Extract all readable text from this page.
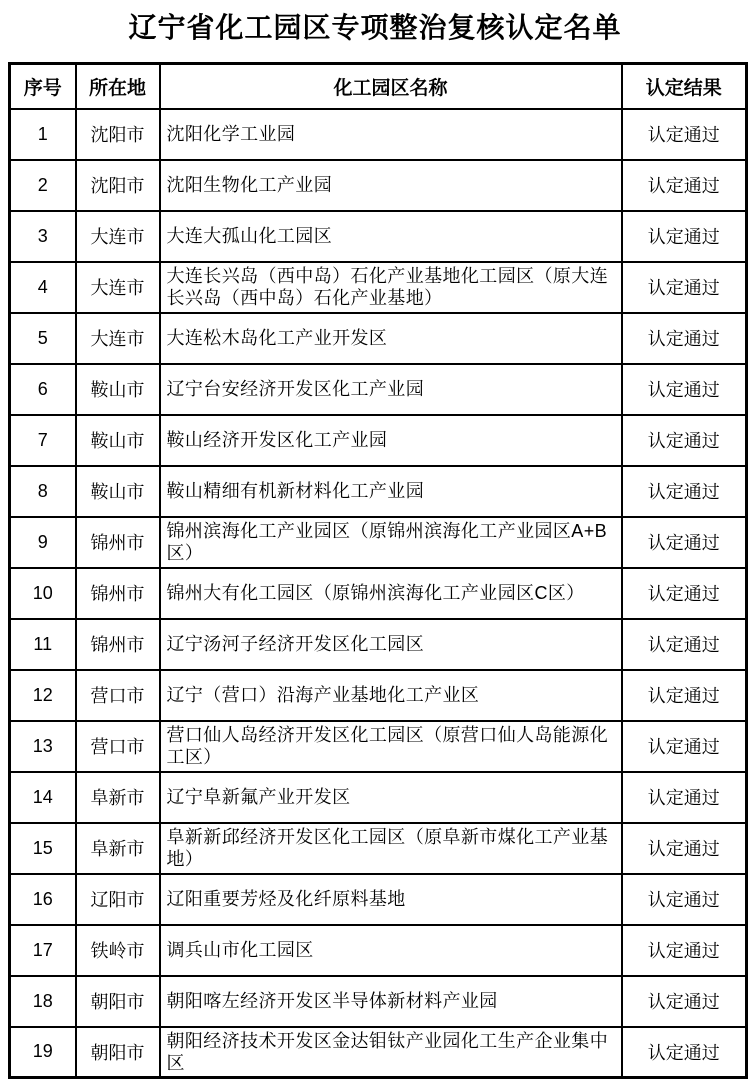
辽宁省化工园区专项整治复核认定名单
序号	所在地	化工园区名称	认定结果
1	沈阳市	沈阳化学工业园	认定通过
2	沈阳市	沈阳生物化工产业园	认定通过
3	大连市	大连大孤山化工园区	认定通过
4	大连市	大连长兴岛（西中岛）石化产业基地化工园区（原大连长兴岛（西中岛）石化产业基地）	认定通过
5	大连市	大连松木岛化工产业开发区	认定通过
6	鞍山市	辽宁台安经济开发区化工产业园	认定通过
7	鞍山市	鞍山经济开发区化工产业园	认定通过
8	鞍山市	鞍山精细有机新材料化工产业园	认定通过
9	锦州市	锦州滨海化工产业园区（原锦州滨海化工产业园区A+B区）	认定通过
10	锦州市	锦州大有化工园区（原锦州滨海化工产业园区C区）	认定通过
11	锦州市	辽宁汤河子经济开发区化工园区	认定通过
12	营口市	辽宁（营口）沿海产业基地化工产业区	认定通过
13	营口市	营口仙人岛经济开发区化工园区（原营口仙人岛能源化工区）	认定通过
14	阜新市	辽宁阜新氟产业开发区	认定通过
15	阜新市	阜新新邱经济开发区化工园区（原阜新市煤化工产业基地）	认定通过
16	辽阳市	辽阳重要芳烃及化纤原料基地	认定通过
17	铁岭市	调兵山市化工园区	认定通过
18	朝阳市	朝阳喀左经济开发区半导体新材料产业园	认定通过
19	朝阳市	朝阳经济技术开发区金达钼钛产业园化工生产企业集中区	认定通过
